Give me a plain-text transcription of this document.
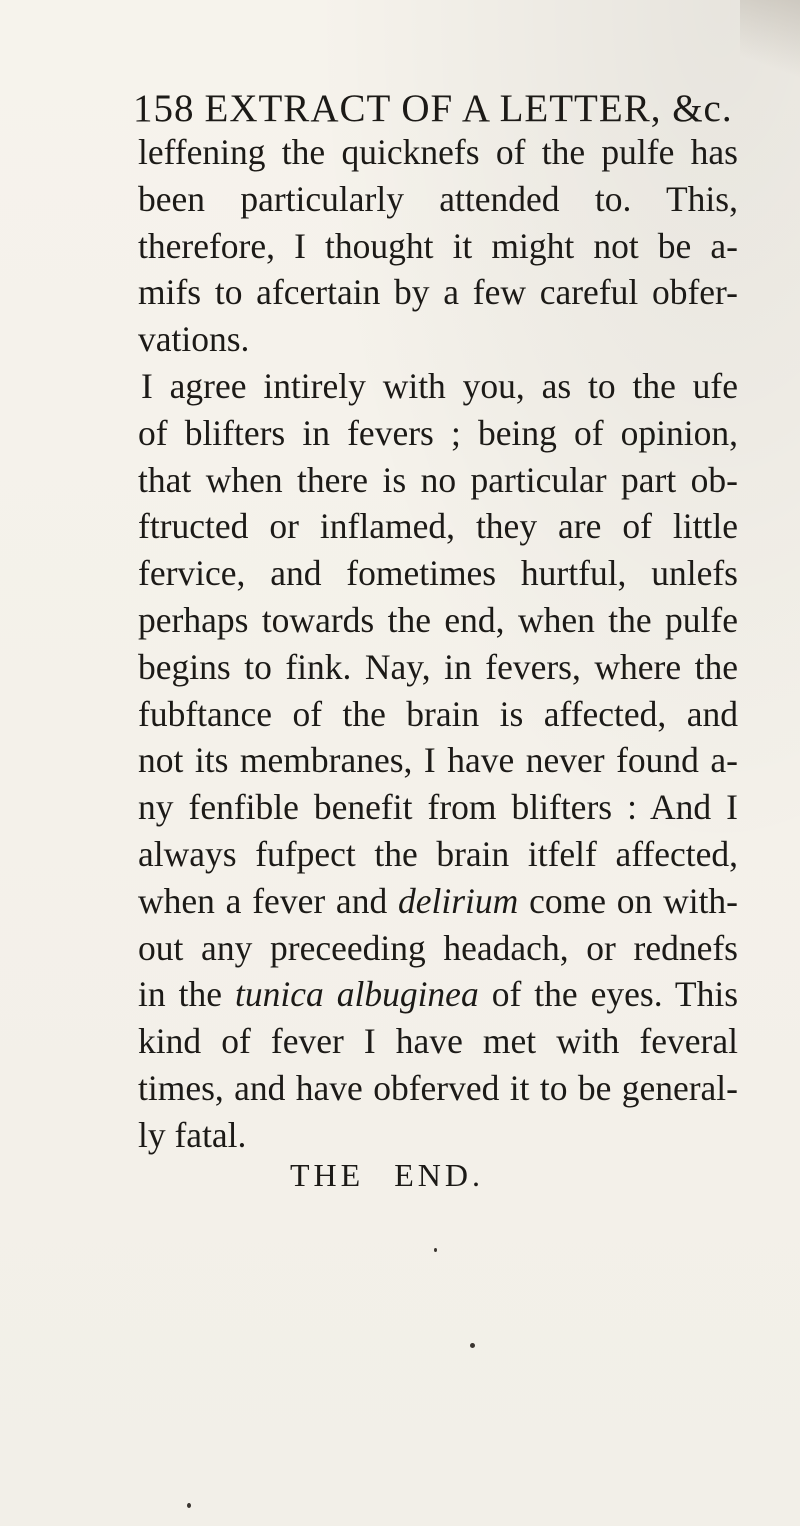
158 EXTRACT OF A LETTER, &c.
leffening the quicknefs of the pulfe has
been particularly attended to. This,
therefore, I thought it might not be a-
mifs to afcertain by a few careful obfer-
vations.
I agree intirely with you, as to the ufe
of blifters in fevers ; being of opinion,
that when there is no particular part ob-
ftructed or inflamed, they are of little
fervice, and fometimes hurtful, unlefs
perhaps towards the end, when the pulfe
begins to fink. Nay, in fevers, where the
fubftance of the brain is affected, and
not its membranes, I have never found a-
ny fenfible benefit from blifters : And I
always fufpect the brain itfelf affected,
when a fever and delirium come on with-
out any preceeding headach, or rednefs
in the tunica albuginea of the eyes. This
kind of fever I have met with feveral
times, and have obferved it to be general-
ly fatal.
THE END.
